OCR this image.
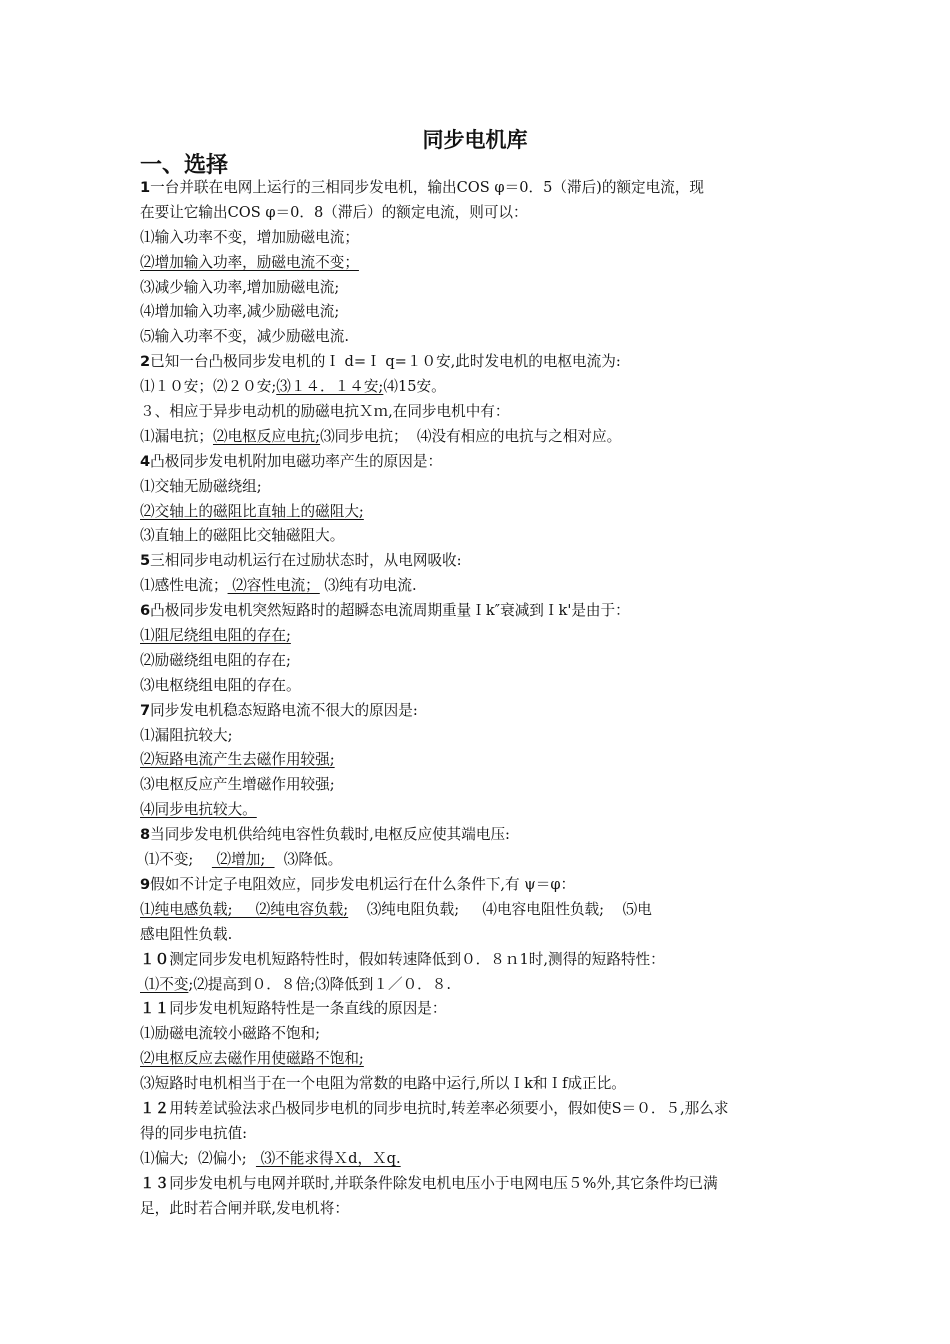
同步电机库
一、选择
1一台并联在电网上运行的三相同步发电机，输出COS φ＝0．5（滞后)的额定电流，现
在要让它输出COS φ＝0．8（滞后）的额定电流，则可以：
⑴输入功率不变，增加励磁电流；
⑵增加输入功率，励磁电流不变；
⑶减少输入功率,增加励磁电流;
⑷增加输入功率,减少励磁电流;
⑸输入功率不变，减少励磁电流.
2已知一台凸极同步发电机的Ｉ d=Ｉ q=１０安,此时发电机的电枢电流为:
⑴１０安；⑵２０安;⑶１４．１４安;⑷15安。
３、相应于异步电动机的励磁电抗Ｘｍ,在同步电机中有：
⑴漏电抗；⑵电枢反应电抗;⑶同步电抗；  ⑷没有相应的电抗与之相对应。
4凸极同步发电机附加电磁功率产生的原因是：
⑴交轴无励磁绕组;
⑵交轴上的磁阻比直轴上的磁阻大;
⑶直轴上的磁阻比交轴磁阻大。
5三相同步电动机运行在过励状态时，从电网吸收:
⑴感性电流； ⑵容性电流； ⑶纯有功电流.
6凸极同步发电机突然短路时的超瞬态电流周期重量Ｉk″衰减到Ｉk'是由于：
⑴阻尼绕组电阻的存在;
⑵励磁绕组电阻的存在;
⑶电枢绕组电阻的存在。
7同步发电机稳态短路电流不很大的原因是:
⑴漏阻抗较大;
⑵短路电流产生去磁作用较强;
⑶电枢反应产生增磁作用较强;
⑷同步电抗较大。
8当同步发电机供给纯电容性负载时,电枢反应使其端电压:
⑴不变;     ⑵增加;    ⑶降低。
9假如不计定子电阻效应，同步发电机运行在什么条件下,有 ψ＝φ：
⑴纯电感负载;     ⑵纯电容负载;    ⑶纯电阻负载;     ⑷电容电阻性负载;    ⑸电
感电阻性负载.
１０测定同步发电机短路特性时，假如转速降低到０．８ｎ1时,测得的短路特性：
⑴不变;⑵提高到０．８倍;⑶降低到１／０．８.
１１同步发电机短路特性是一条直线的原因是：
⑴励磁电流较小磁路不饱和;
⑵电枢反应去磁作用使磁路不饱和;
⑶短路时电机相当于在一个电阻为常数的电路中运行,所以Ｉk和Ｉf成正比。
１２用转差试验法求凸极同步电机的同步电抗时,转差率必须要小，假如使S＝０．５,那么求
得的同步电抗值:
⑴偏大;  ⑵偏小;   ⑶不能求得Ｘd，Ｘq.
１３同步发电机与电网并联时,并联条件除发电机电压小于电网电压５%外,其它条件均已满
足，此时若合闸并联,发电机将：
